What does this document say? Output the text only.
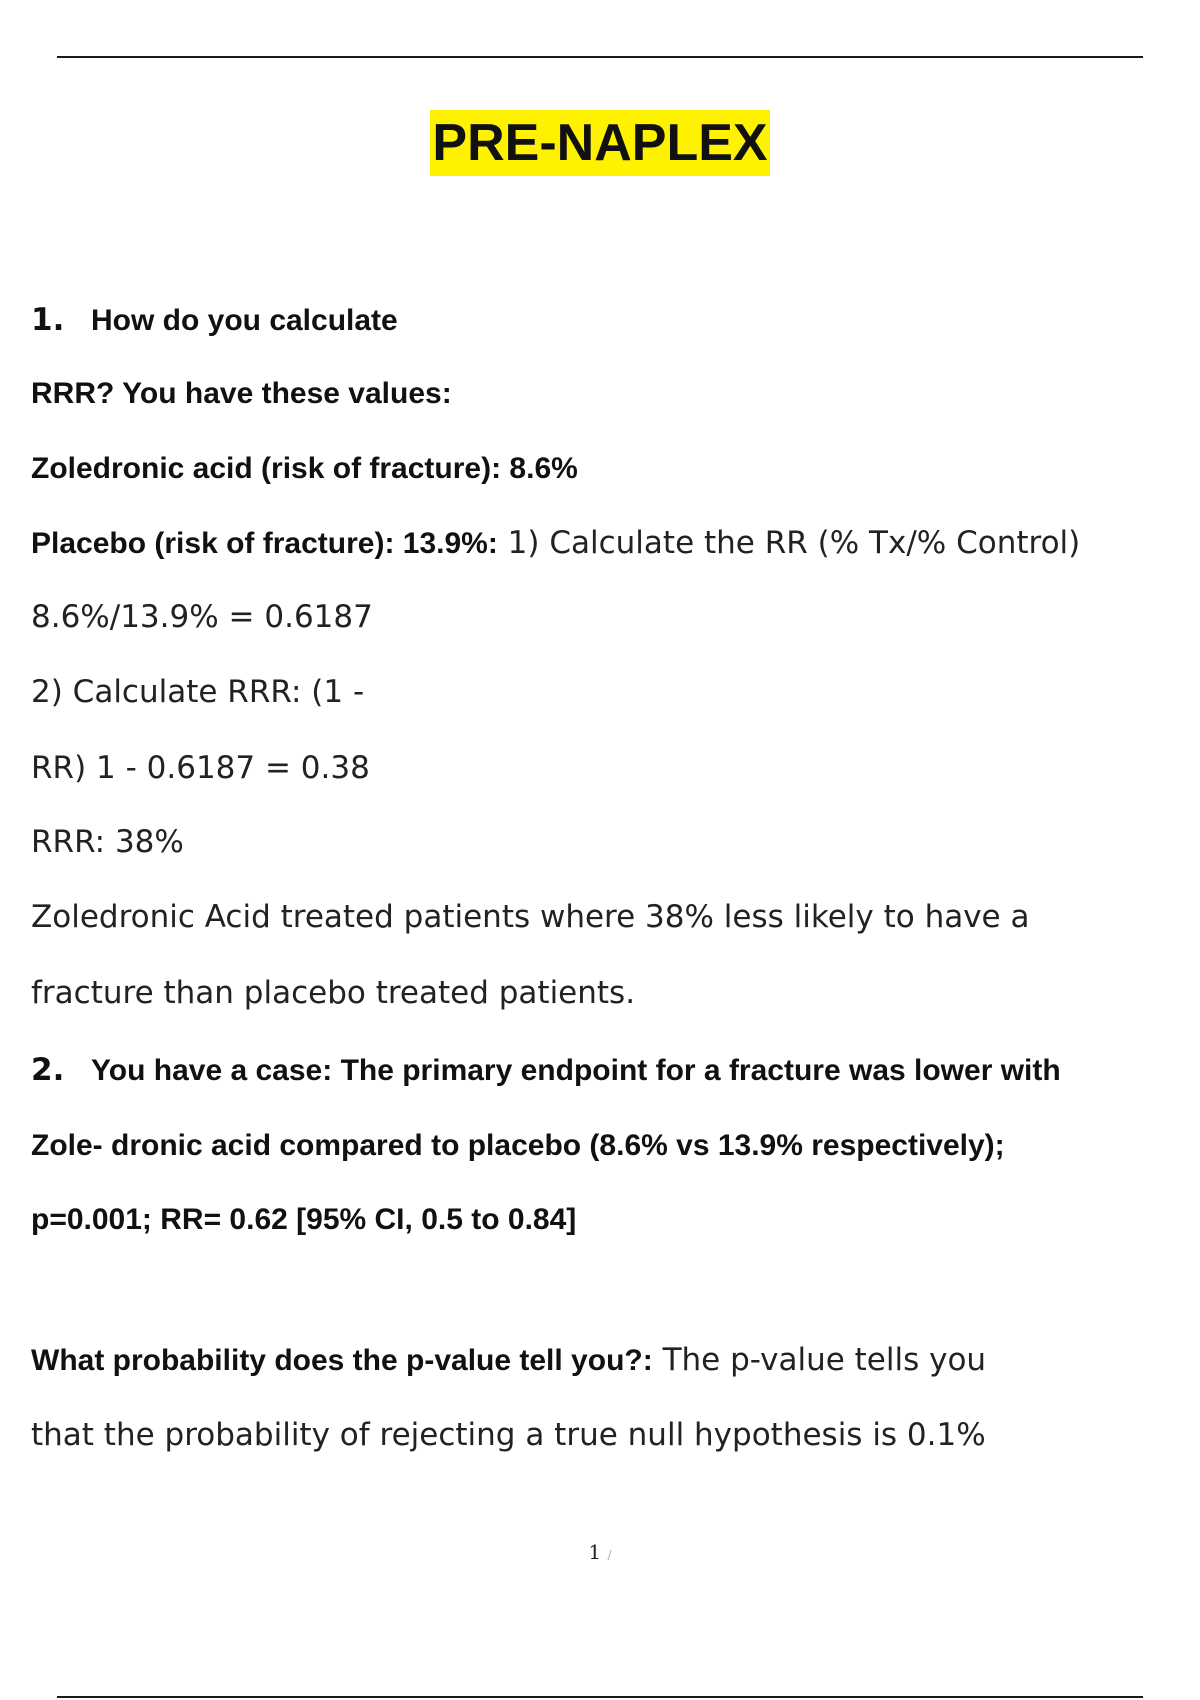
PRE-NAPLEX
1. How do you calculate
RRR? You have these values:
Zoledronic acid (risk of fracture): 8.6%
Placebo (risk of fracture): 13.9%: 1) Calculate the RR (% Tx/% Control)
8.6%/13.9% = 0.6187
2) Calculate RRR: (1 -
RR) 1 - 0.6187 = 0.38
RRR: 38%
Zoledronic Acid treated patients where 38% less likely to have a
fracture than placebo treated patients.
2. You have a case: The primary endpoint for a fracture was lower with
Zole- dronic acid compared to placebo (8.6% vs 13.9% respectively);
p=0.001; RR= 0.62 [95% CI, 0.5 to 0.84]
What probability does the p-value tell you?: The p-value tells you
that the probability of rejecting a true null hypothesis is 0.1%
1 /
